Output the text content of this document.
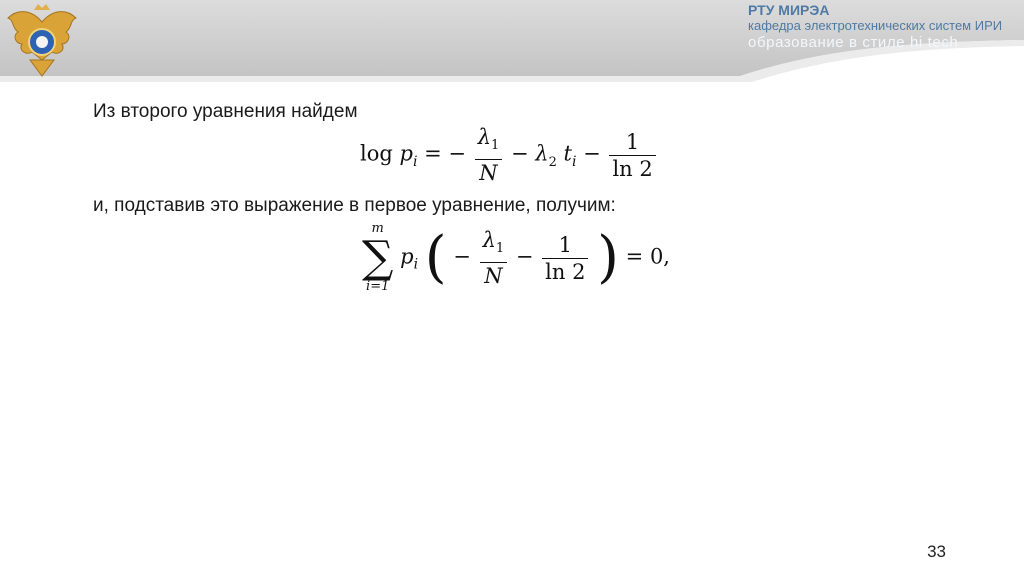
РТУ МИРЭА
кафедра электротехнических систем ИРИ
образование в стиле hi tech
Из второго уравнения найдем
$\log p_i$ = − $\frac{\lambda_1}{N} - \lambda_2$ $t_i - \frac{1}{\ln 2}$
и, подставив это выражение в первое уравнение, получим:
m
∑
i=1
$p_i$ ( − $\frac{\lambda_1}{N} - \frac{1}{\ln 2}$ ) = 0,
33
